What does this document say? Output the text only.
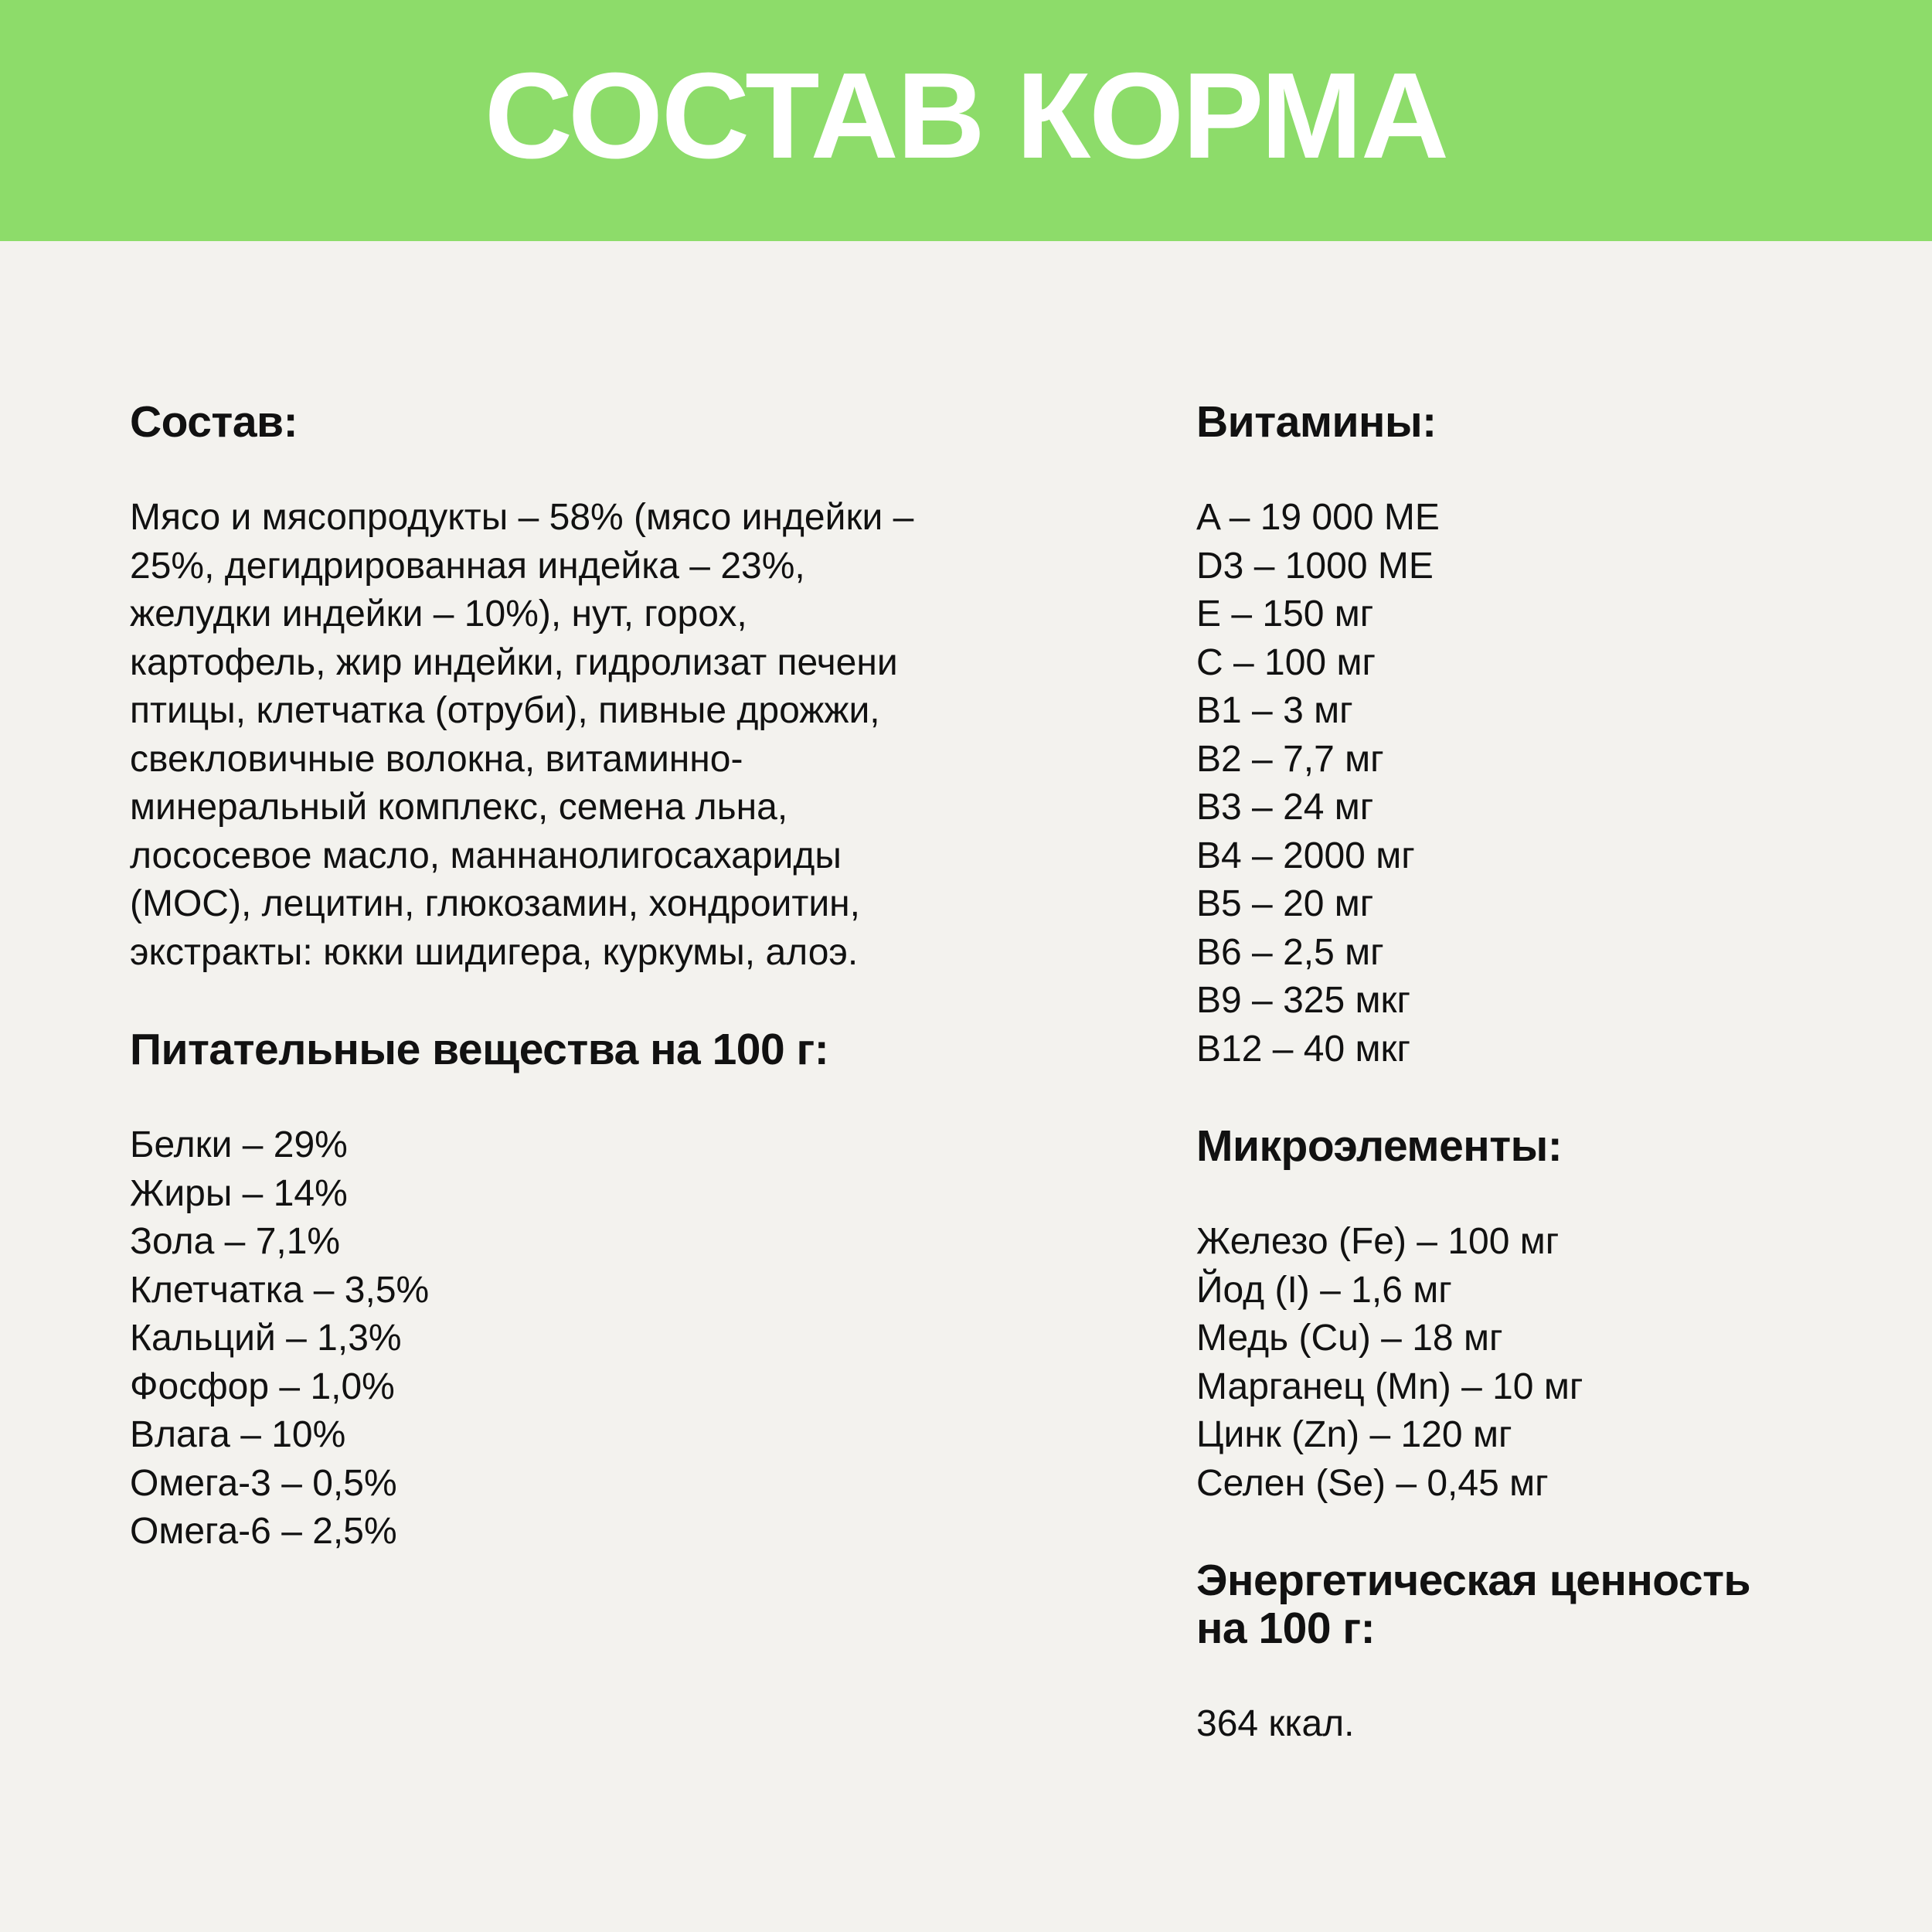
СОСТАВ КОРМА
Состав:
Мясо и мясопродукты – 58% (мясо индейки –
25%, дегидрированная индейка – 23%,
желудки индейки – 10%), нут, горох,
картофель, жир индейки, гидролизат печени
птицы, клетчатка (отруби), пивные дрожжи,
свекловичные волокна, витаминно-
минеральный комплекс, семена льна,
лососевое масло, маннанолигосахариды
(МОС), лецитин, глюкозамин, хондроитин,
экстракты: юкки шидигера, куркумы, алоэ.
Питательные вещества на 100 г:
Белки – 29%
Жиры – 14%
Зола – 7,1%
Клетчатка – 3,5%
Кальций – 1,3%
Фосфор – 1,0%
Влага – 10%
Омега-3 – 0,5%
Омега-6 – 2,5%
Витамины:
A – 19 000 МЕ
D3 – 1000 МЕ
E – 150 мг
C – 100 мг
B1 – 3 мг
B2 – 7,7 мг
B3 – 24 мг
B4 – 2000 мг
B5 – 20 мг
B6 – 2,5 мг
B9 – 325 мкг
B12 – 40 мкг
Микроэлементы:
Железо (Fe) – 100 мг
Йод (I) – 1,6 мг
Медь (Cu) – 18 мг
Марганец (Mn) – 10 мг
Цинк (Zn) – 120 мг
Селен (Se) – 0,45 мг
Энергетическая ценность
на 100 г:
364 ккал.
